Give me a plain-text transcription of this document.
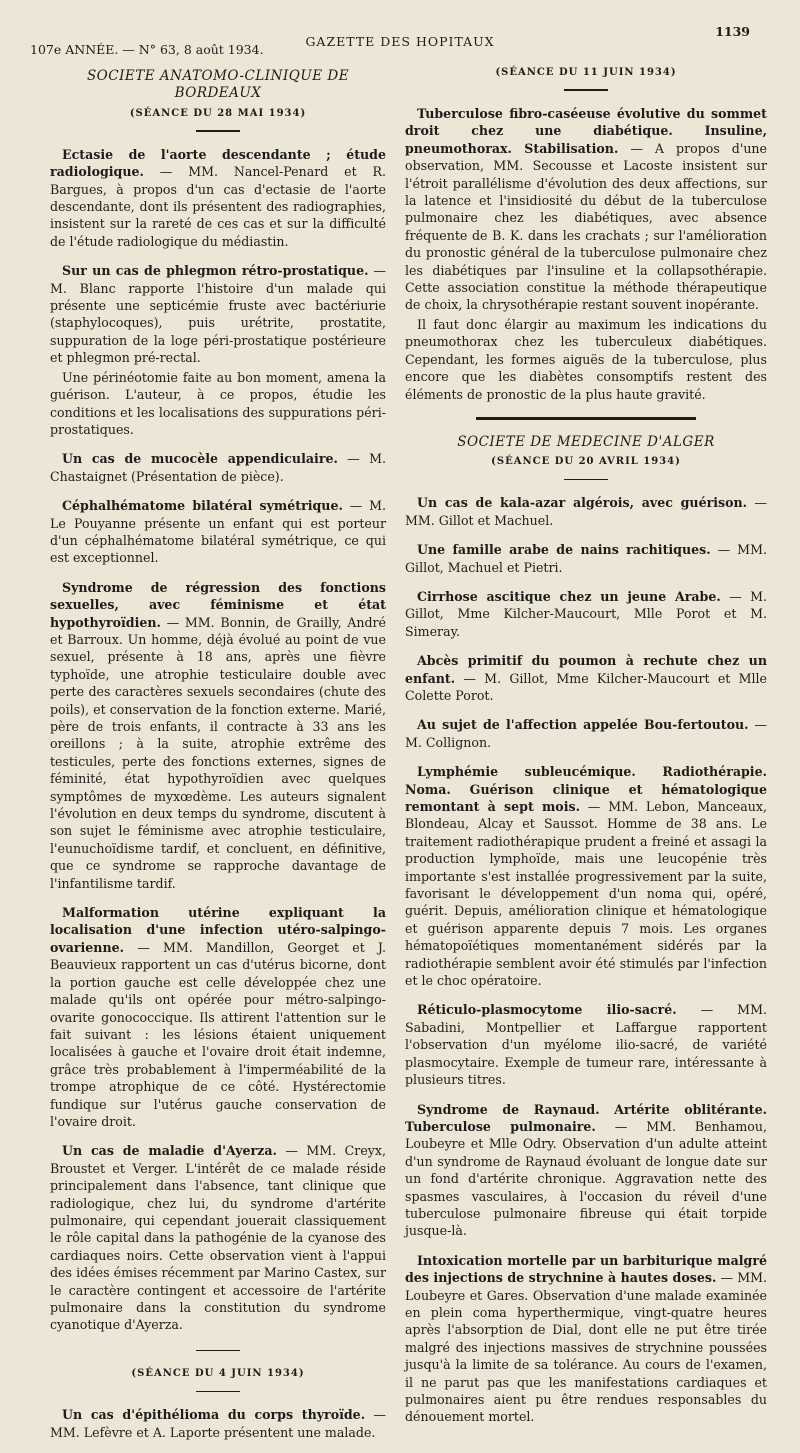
107e ANNÉE. — N° 63, 8 août 1934.
GAZETTE DES HOPITAUX
1139
SOCIETE ANATOMO-CLINIQUE DE BORDEAUX
(SÉANCE DU 28 MAI 1934)

Ectasie de l'aorte descendante ; étude radiologique. — MM. Nancel-Penard et R. Bargues, à propos d'un cas d'ectasie de l'aorte descendante, dont ils présentent des radiographies, insistent sur la rareté de ces cas et sur la difficulté de l'étude radiologique du médiastin.

Sur un cas de phlegmon rétro-prostatique. — M. Blanc rapporte l'histoire d'un malade qui présente une septicémie fruste avec bactériurie (staphylocoques), puis urétrite, prostatite, suppuration de la loge péri-prostatique postérieure et phlegmon pré-rectal.

Une périnéotomie faite au bon moment, amena la guérison. L'auteur, à ce propos, étudie les conditions et les localisations des suppurations péri-prostatiques.

Un cas de mucocèle appendiculaire. — M. Chastaignet (Présentation de pièce).

Céphalhématome bilatéral symétrique. — M. Le Pouyanne présente un enfant qui est porteur d'un céphalhématome bilatéral symétrique, ce qui est exceptionnel.

Syndrome de régression des fonctions sexuelles, avec féminisme et état hypothyroïdien. — MM. Bonnin, de Grailly, André et Barroux. Un homme, déjà évolué au point de vue sexuel, présente à 18 ans, après une fièvre typhoïde, une atrophie testiculaire double avec perte des caractères sexuels secondaires (chute des poils), et conservation de la fonction externe. Marié, père de trois enfants, il contracte à 33 ans les oreillons ; à la suite, atrophie extrême des testicules, perte des fonctions externes, signes de féminité, état hypothyroïdien avec quelques symptômes de myxœdème. Les auteurs signalent l'évolution en deux temps du syndrome, discutent à son sujet le féminisme avec atrophie testiculaire, l'eunuchoïdisme tardif, et concluent, en définitive, que ce syndrome se rapproche davantage de l'infantilisme tardif.

Malformation utérine expliquant la localisation d'une infection utéro-salpingo-ovarienne. — MM. Mandillon, Georget et J. Beauvieux rapportent un cas d'utérus bicorne, dont la portion gauche est celle développée chez une malade qu'ils ont opérée pour métro-salpingo-ovarite gonococcique. Ils attirent l'attention sur le fait suivant : les lésions étaient uniquement localisées à gauche et l'ovaire droit était indemne, grâce très probablement à l'imperméabilité de la trompe atrophique de ce côté. Hystérectomie fundique sur l'utérus gauche conservation de l'ovaire droit.

Un cas de maladie d'Ayerza. — MM. Creyx, Broustet et Verger. L'intérêt de ce malade réside principalement dans l'absence, tant clinique que radiologique, chez lui, du syndrome d'artérite pulmonaire, qui cependant jouerait classiquement le rôle capital dans la pathogénie de la cyanose des cardiaques noirs. Cette observation vient à l'appui des idées émises récemment par Marino Castex, sur le caractère contingent et accessoire de l'artérite pulmonaire dans la constitution du syndrome cyanotique d'Ayerza.

(SÉANCE DU 4 JUIN 1934)

Un cas d'épithélioma du corps thyroïde. — MM. Lefèvre et A. Laporte présentent une malade.

(SÉANCE DU 11 JUIN 1934)

Tuberculose fibro-caséeuse évolutive du sommet droit chez une diabétique. Insuline, pneumothorax. Stabilisation. — A propos d'une observation, MM. Secousse et Lacoste insistent sur l'étroit parallélisme d'évolution des deux affections, sur la latence et l'insidiosité du début de la tuberculose pulmonaire chez les diabétiques, avec absence fréquente de B. K. dans les crachats ; sur l'amélioration du pronostic général de la tuberculose pulmonaire chez les diabétiques par l'insuline et la collapsothérapie. Cette association constitue la méthode thérapeutique de choix, la chrysothérapie restant souvent inopérante.

Il faut donc élargir au maximum les indications du pneumothorax chez les tuberculeux diabétiques. Cependant, les formes aiguës de la tuberculose, plus encore que les diabètes consomptifs restent des éléments de pronostic de la plus haute gravité.

SOCIETE DE MEDECINE D'ALGER
(SÉANCE DU 20 AVRIL 1934)

Un cas de kala-azar algérois, avec guérison. — MM. Gillot et Machuel.

Une famille arabe de nains rachitiques. — MM. Gillot, Machuel et Pietri.

Cirrhose ascitique chez un jeune Arabe. — M. Gillot, Mme Kilcher-Maucourt, Mlle Porot et M. Simeray.

Abcès primitif du poumon à rechute chez un enfant. — M. Gillot, Mme Kilcher-Maucourt et Mlle Colette Porot.

Au sujet de l'affection appelée Bou-fertoutou. — M. Collignon.

Lymphémie subleucémique. Radiothérapie. Noma. Guérison clinique et hématologique remontant à sept mois. — MM. Lebon, Manceaux, Blondeau, Alcay et Saussot. Homme de 38 ans. Le traitement radiothérapique prudent a freiné et assagi la production lymphoïde, mais une leucopénie très importante s'est installée progressivement par la suite, favorisant le développement d'un noma qui, opéré, guérit. Depuis, amélioration clinique et hématologique et guérison apparente depuis 7 mois. Les organes hématopoïétiques momentanément sidérés par la radiothérapie semblent avoir été stimulés par l'infection et le choc opératoire.

Réticulo-plasmocytome ilio-sacré. — MM. Sabadini, Montpellier et Laffargue rapportent l'observation d'un myélome ilio-sacré, de variété plasmocytaire. Exemple de tumeur rare, intéressante à plusieurs titres.

Syndrome de Raynaud. Artérite oblitérante. Tuberculose pulmonaire. — MM. Benhamou, Loubeyre et Mlle Odry. Observation d'un adulte atteint d'un syndrome de Raynaud évoluant de longue date sur un fond d'artérite chronique. Aggravation nette des spasmes vasculaires, à l'occasion du réveil d'une tuberculose pulmonaire fibreuse qui était torpide jusque-là.

Intoxication mortelle par un barbiturique malgré des injections de strychnine à hautes doses. — MM. Loubeyre et Gares. Observation d'une malade examinée en plein coma hyperthermique, vingt-quatre heures après l'absorption de Dial, dont elle ne put être tirée malgré des injections massives de strychnine poussées jusqu'à la limite de sa tolérance. Au cours de l'examen, il ne parut pas que les manifestations cardiaques et pulmonaires aient pu être rendues responsables du dénouement mortel.
